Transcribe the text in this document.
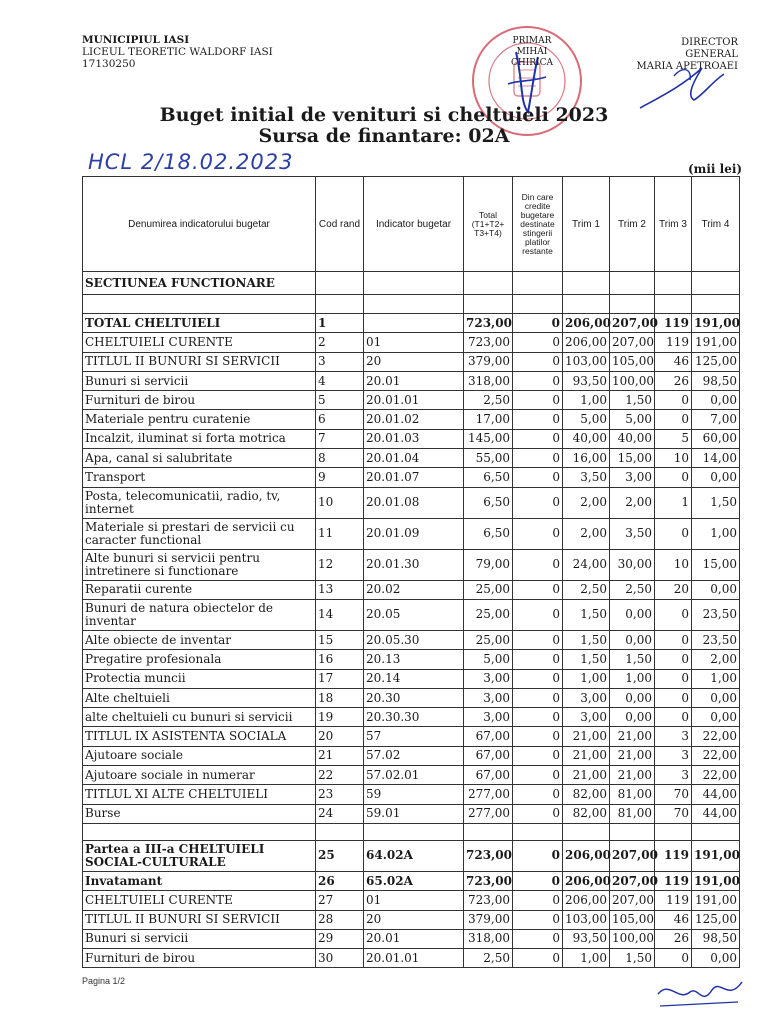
MUNICIPIUL IASI
LICEUL TEORETIC WALDORF IASI
17130250
PRIMAR
MIHAI CHIRICA
DIRECTOR GENERAL
MARIA APETROAEI
Buget initial de venituri si cheltuieli 2023
Sursa de finantare: 02A
HCL 2/18.02.2023	(mii lei)
Denumirea indicatorului bugetar	Cod rand	Indicator bugetar	Total (T1+T2+ T3+T4)	Din care credite bugetare destinate stingerii platilor restante	Trim 1	Trim 2	Trim 3	Trim 4
SECTIUNEA FUNCTIONARE								

TOTAL CHELTUIELI	1		723,00	0	206,00	207,00	119	191,00
CHELTUIELI CURENTE	2	01	723,00	0	206,00	207,00	119	191,00
TITLUL II BUNURI SI SERVICII	3	20	379,00	0	103,00	105,00	46	125,00
Bunuri si servicii	4	20.01	318,00	0	93,50	100,00	26	98,50
Furnituri de birou	5	20.01.01	2,50	0	1,00	1,50	0	0,00
Materiale pentru curatenie	6	20.01.02	17,00	0	5,00	5,00	0	7,00
Incalzit, iluminat si forta motrica	7	20.01.03	145,00	0	40,00	40,00	5	60,00
Apa, canal si salubritate	8	20.01.04	55,00	0	16,00	15,00	10	14,00
Transport	9	20.01.07	6,50	0	3,50	3,00	0	0,00
Posta, telecomunicatii, radio, tv, internet	10	20.01.08	6,50	0	2,00	2,00	1	1,50
Materiale si prestari de servicii cu caracter functional	11	20.01.09	6,50	0	2,00	3,50	0	1,00
Alte bunuri si servicii pentru intretinere si functionare	12	20.01.30	79,00	0	24,00	30,00	10	15,00
Reparatii curente	13	20.02	25,00	0	2,50	2,50	20	0,00
Bunuri de natura obiectelor de inventar	14	20.05	25,00	0	1,50	0,00	0	23,50
Alte obiecte de inventar	15	20.05.30	25,00	0	1,50	0,00	0	23,50
Pregatire profesionala	16	20.13	5,00	0	1,50	1,50	0	2,00
Protectia muncii	17	20.14	3,00	0	1,00	1,00	0	1,00
Alte cheltuieli	18	20.30	3,00	0	3,00	0,00	0	0,00
alte cheltuieli cu bunuri si servicii	19	20.30.30	3,00	0	3,00	0,00	0	0,00
TITLUL IX ASISTENTA SOCIALA	20	57	67,00	0	21,00	21,00	3	22,00
Ajutoare sociale	21	57.02	67,00	0	21,00	21,00	3	22,00
Ajutoare sociale in numerar	22	57.02.01	67,00	0	21,00	21,00	3	22,00
TITLUL XI ALTE CHELTUIELI	23	59	277,00	0	82,00	81,00	70	44,00
Burse	24	59.01	277,00	0	82,00	81,00	70	44,00

Partea a III-a CHELTUIELI SOCIAL-CULTURALE	25	64.02A	723,00	0	206,00	207,00	119	191,00
Invatamant	26	65.02A	723,00	0	206,00	207,00	119	191,00
CHELTUIELI CURENTE	27	01	723,00	0	206,00	207,00	119	191,00
TITLUL II BUNURI SI SERVICII	28	20	379,00	0	103,00	105,00	46	125,00
Bunuri si servicii	29	20.01	318,00	0	93,50	100,00	26	98,50
Furnituri de birou	30	20.01.01	2,50	0	1,00	1,50	0	0,00
Pagina 1/2
